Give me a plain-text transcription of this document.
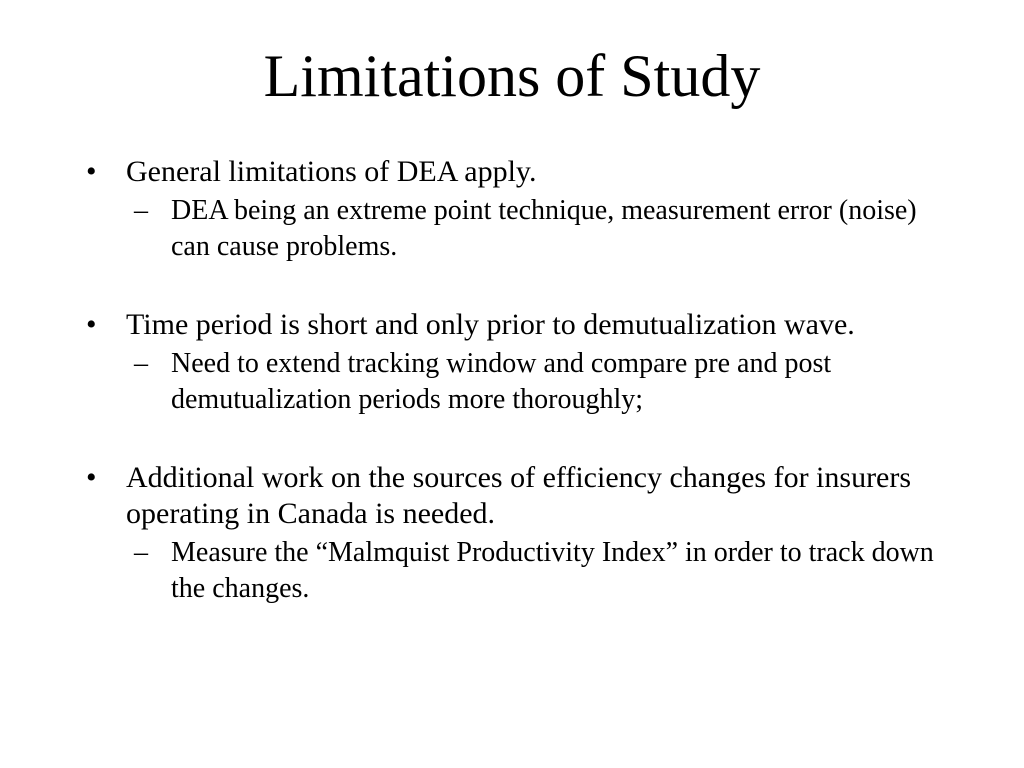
Limitations of Study
• General limitations of DEA apply.
– DEA being an extreme point technique, measurement error (noise) can cause problems.
• Time period is short and only prior to demutualization wave.
– Need to extend tracking window and compare pre and post demutualization periods more thoroughly;
• Additional work on the sources of efficiency changes for insurers operating in Canada is needed.
– Measure the “Malmquist Productivity Index” in order to track down the changes.
